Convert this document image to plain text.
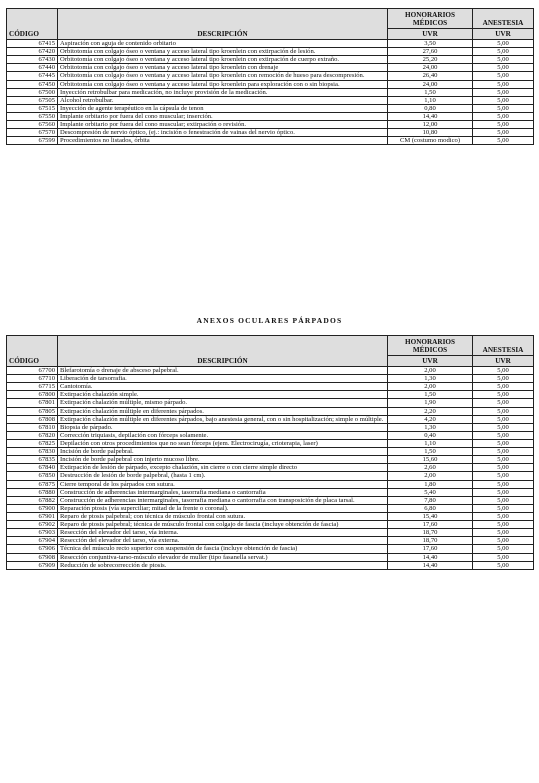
CÓDIGO	DESCRIPCIÓN	HONORARIOS
MÉDICOS	ANESTESIA
		UVR	UVR
67415	Aspiración con aguja de contenido orbitario	3,50	5,00
67420	Orbitotomía con colgajo óseo o ventana y acceso lateral tipo kroenlein con extirpación de lesión.	27,60	5,00
67430	Orbitotomía con colgajo óseo o ventana y acceso lateral tipo kroenlein con extirpación de cuerpo extraño.	25,20	5,00
67440	Orbitotomía con colgajo óseo o ventana y acceso lateral tipo kroenlein con drenaje	24,00	5,00
67445	Orbitotomía con colgajo óseo o ventana y acceso lateral tipo kroenlein con remoción de hueso para descompresión.	26,40	5,00
67450	Orbitotomía con colgajo óseo o ventana y acceso lateral tipo kroenlein para exploración con o sin biopsia.	24,00	5,00
67500	Inyección retrobulbar para medicación, no incluye provisión de la medicación.	1,50	5,00
67505	Alcohol retrobulbar.	1,10	5,00
67515	Inyección de agente terapéutico en la cápsula de tenon	0,80	5,00
67550	Implante orbitario por fuera del cono muscular; inserción.	14,40	5,00
67560	Implante orbitario por fuera del cono muscular; extirpación o revisión.	12,00	5,00
67570	Descompresión de nervio óptico, (ej.: incisión o fenestración de vainas del nervio óptico.	10,80	5,00
67599	Procedimientos no listados, órbita	CM (costumo modico)	5,00
ANEXOS OCULARES PÁRPADOS
CÓDIGO	DESCRIPCIÓN	HONORARIOS
MÉDICOS	ANESTESIA
		UVR	UVR
67700	Blefarotomía o drenaje de absceso palpebral.	2,00	5,00
67710	Liberación de tarsorrafia.	1,30	5,00
67715	Cantotomía.	2,00	5,00
67800	Extirpación chalazión simple.	1,50	5,00
67801	Extirpación chalazión múltiple, mismo párpado.	1,90	5,00
67805	Extirpación chalazión múltiple en diferentes párpados.	2,20	5,00
67808	Extirpación chalazión múltiple en diferentes párpados, bajo anestesia general, con o sin hospitalización; simple o múltiple.	4,20	5,00
67810	Biopsia de párpado.	1,30	5,00
67820	Corrección triquiasis, depilación con fórceps solamente.	0,40	5,00
67825	Depilación con otros procedimientos que no sean fórceps (ejem. Electrocirugía, crioterapia, laser)	1,10	5,00
67830	Incisión de borde palpebral.	1,50	5,00
67835	Incisión de borde palpebral con injerto mucoso libre.	15,60	5,00
67840	Extirpación de lesión de párpado, excepto chalazión, sin cierre o con cierre simple directo	2,60	5,00
67850	Destrucción de lesión de borde palpebral, (hasta 1 cm).	2,00	5,00
67875	Cierre temporal de los párpados con sutura.	1,80	5,00
67880	Construcción de adherencias intermarginales, tasorrafia mediana o cantorrafia	5,40	5,00
67882	Construcción de adherencias intermarginales, tasorrafia mediana o cantorrafia con transposición de placa tarsal.	7,80	5,00
67900	Reparación ptosis (vía superciliar; mitad de la frente o coronal).	6,80	5,00
67901	Reparo de ptosis palpebral; con técnica de músculo frontal con sutura.	15,40	5,00
67902	Reparo de ptosis palpebral; técnica de músculo frontal con colgajo de fascia (incluye obtención de fascia)	17,60	5,00
67903	Resección del elevador del tarso, vía interna.	18,70	5,00
67904	Resección del elevador del tarso, vía externa.	18,70	5,00
67906	Técnica del músculo recto superior con suspensión de fascia (incluye obtención de fascia)	17,60	5,00
67908	Resección conjuntiva-tarso-músculo elevador de muller (tipo fasanella servat.)	14,40	5,00
67909	Reducción de sobrecorrección de ptosis.	14,40	5,00
